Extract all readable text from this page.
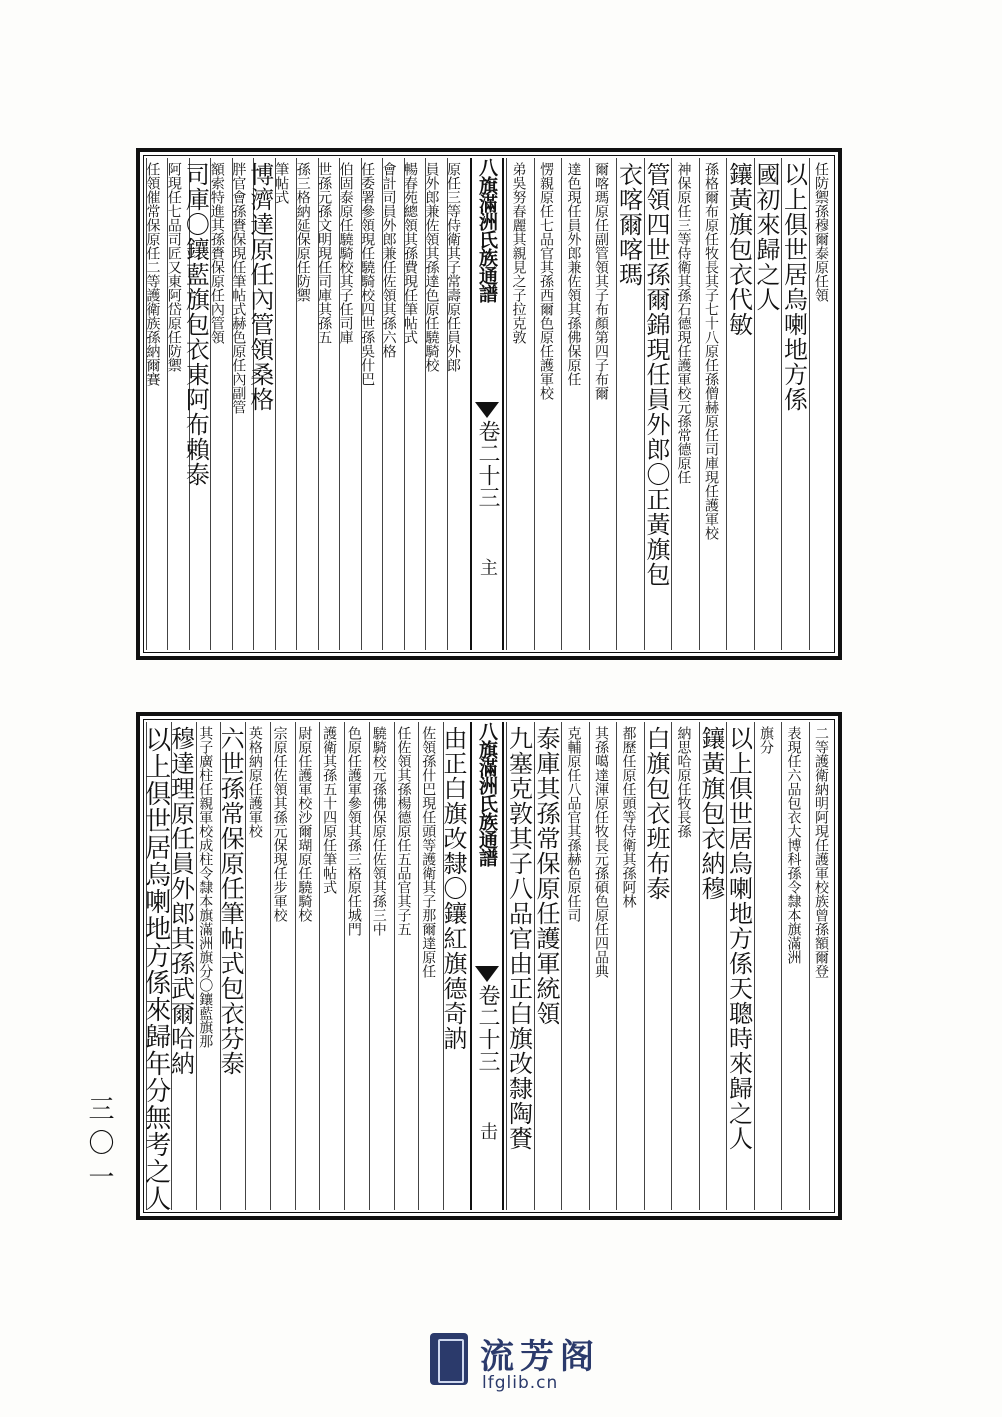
任防禦孫穆爾泰原任領
以上俱世居烏喇地方係
國初來歸之人
鑲黃旗包衣代敏
孫格爾布原任牧長其子七十八原任孫僧赫原任司庫現任護軍校
神保原任三等侍衛其孫石德現任護軍校元孫常德原任
管領四世孫爾錦現任員外郎〇正黃旗包
衣喀爾喀瑪
爾喀瑪原任副管領其子布顏第四子布爾
達色現任員外郎兼佐領其孫佛保原任
愣親原任七品官其孫西爾色原任護軍校
弟吳努春麗其親見之子拉克敦
八旗滿洲氏族通譜
卷二十三
主
原任三等侍衛其子常壽原任員外郎
員外郎兼佐領其孫達色原任驍騎校
暢春苑總領其孫費現任筆帖式
會計司員外郎兼任佐領其孫六格
任委署參領現任驍騎校四世孫吳什巴
伯固泰原任驍騎校其子任司庫
世孫元孫文明現任司庫其孫五
孫三格納延保原任防禦
筆帖式
博濟達原任內管領桑格
胖官會孫賚保現任筆帖式赫色原任內副管
額索特進其孫賚保原任內管領
司庫〇鑲藍旗包衣東阿布賴泰
阿現任七品司匠又東阿岱原任防禦
任領催常保原任二等護衛族孫納爾賽
二等護衛納明阿現任護軍校族曾孫額爾登
表現任六品包衣大博科孫令隸本旗滿洲
旗分
以上俱世居烏喇地方係天聰時來歸之人
鑲黃旗包衣納穆
納思哈原任牧長孫
白旗包衣班布泰
都歷任原任頭等侍衛其孫阿林
其孫噶達渾原任牧長元孫碩色原任四品典
克輔原任八品官其孫赫色原任司
泰庫其孫常保原任護軍統領
九塞克敦其子八品官由正白旗改隸陶賚
八旗滿洲氏族通譜
卷二十三
击
由正白旗改隸〇鑲紅旗德奇訥
佐領孫什巴現任頭等護衛其子那爾達原任
任佐領其孫楊德原任五品官其子五
驍騎校元孫佛保原任佐領其孫三中
色原任護軍參領其孫三格原任城門
護衛其孫五十四原任筆帖式
尉原任護軍校沙爾瑚原任驍騎校
宗原任佐領其孫元保現任步軍校
英格納原任護軍校
六世孫常保原任筆帖式包衣芬泰
其子廣柱任親軍校成柱令隸本旗滿洲旗分〇鑲藍旗那
穆達理原任員外郎其孫武爾哈納
以上俱世居烏喇地方係來歸年分無考之人
三〇一
流芳阁
lfglib.cn
